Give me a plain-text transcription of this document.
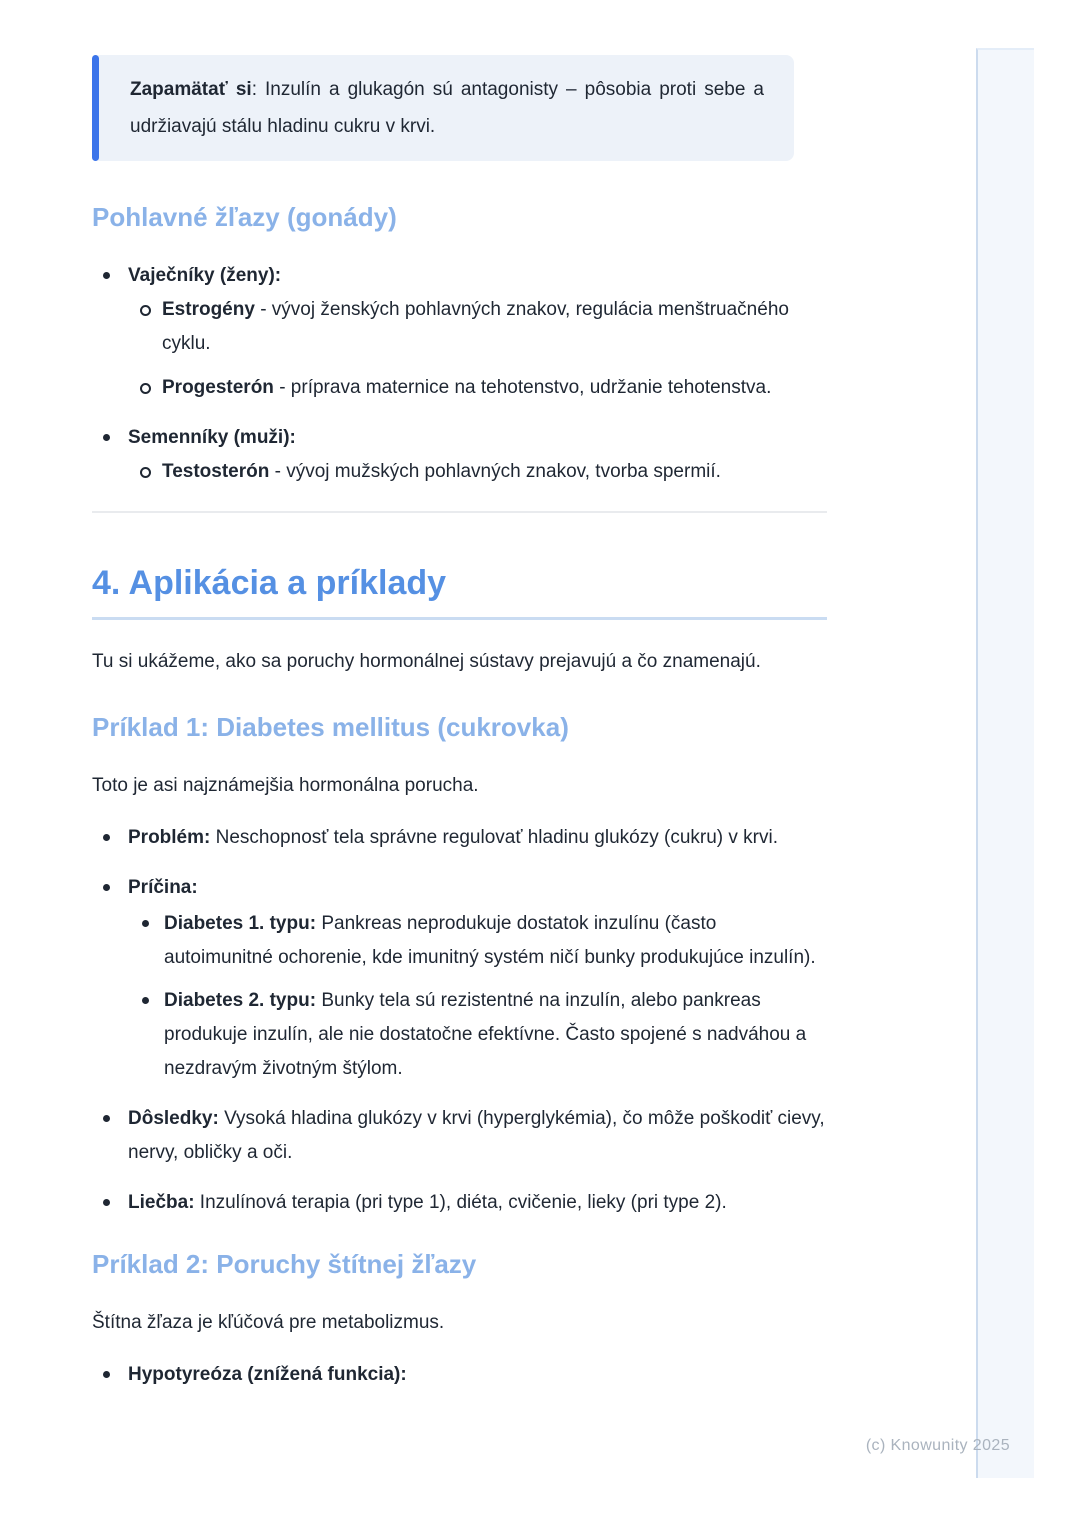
Zapamätať si: Inzulín a glukagón sú antagonisty – pôsobia proti sebe a udržiavajú stálu hladinu cukru v krvi.

Pohlavné žľazy (gonády)

Vaječníky (ženy):

Estrogény - vývoj ženských pohlavných znakov, regulácia menštruačného cyklu.

Progesterón - príprava maternice na tehotenstvo, udržanie tehotenstva.

Semenníky (muži):

Testosterón - vývoj mužských pohlavných znakov, tvorba spermií.

4. Aplikácia a príklady

Tu si ukážeme, ako sa poruchy hormonálnej sústavy prejavujú a čo znamenajú.

Príklad 1: Diabetes mellitus (cukrovka)

Toto je asi najznámejšia hormonálna porucha.

Problém: Neschopnosť tela správne regulovať hladinu glukózy (cukru) v krvi.

Príčina:

Diabetes 1. typu: Pankreas neprodukuje dostatok inzulínu (často autoimunitné ochorenie, kde imunitný systém ničí bunky produkujúce inzulín).

Diabetes 2. typu: Bunky tela sú rezistentné na inzulín, alebo pankreas produkuje inzulín, ale nie dostatočne efektívne. Často spojené s nadváhou a nezdravým životným štýlom.

Dôsledky: Vysoká hladina glukózy v krvi (hyperglykémia), čo môže poškodiť cievy, nervy, obličky a oči.

Liečba: Inzulínová terapia (pri type 1), diéta, cvičenie, lieky (pri type 2).

Príklad 2: Poruchy štítnej žľazy

Štítna žľaza je kľúčová pre metabolizmus.

Hypotyreóza (znížená funkcia):

(c) Knowunity 2025
